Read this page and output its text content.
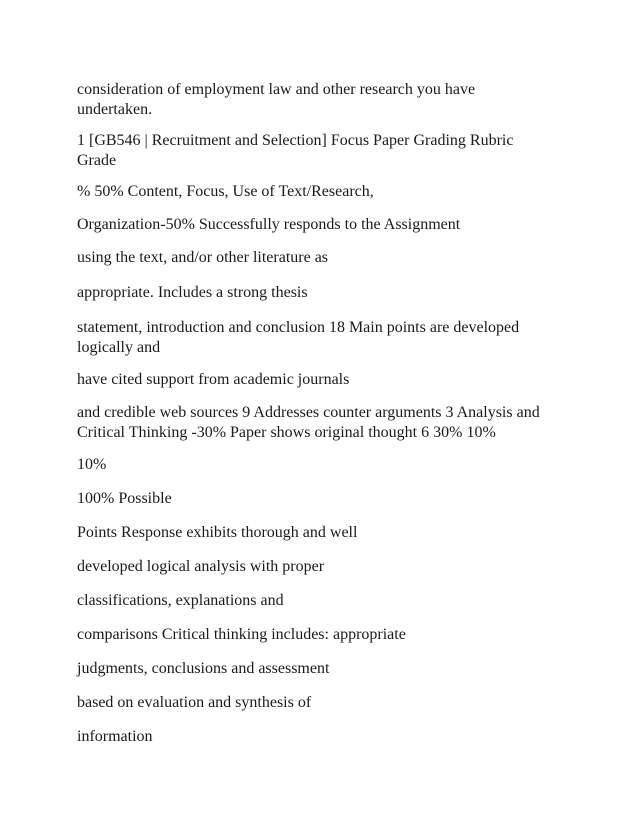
consideration of employment law and other research you have
undertaken.

1 [GB546 | Recruitment and Selection] Focus Paper Grading Rubric
Grade

% 50% Content, Focus, Use of Text/Research,

Organization-50% Successfully responds to the Assignment

using the text, and/or other literature as

appropriate. Includes a strong thesis

statement, introduction and conclusion 18 Main points are developed
logically and

have cited support from academic journals

and credible web sources 9 Addresses counter arguments 3 Analysis and
Critical Thinking -30% Paper shows original thought 6 30% 10%

10%

100% Possible

Points Response exhibits thorough and well

developed logical analysis with proper

classifications, explanations and

comparisons Critical thinking includes: appropriate

judgments, conclusions and assessment

based on evaluation and synthesis of

information
